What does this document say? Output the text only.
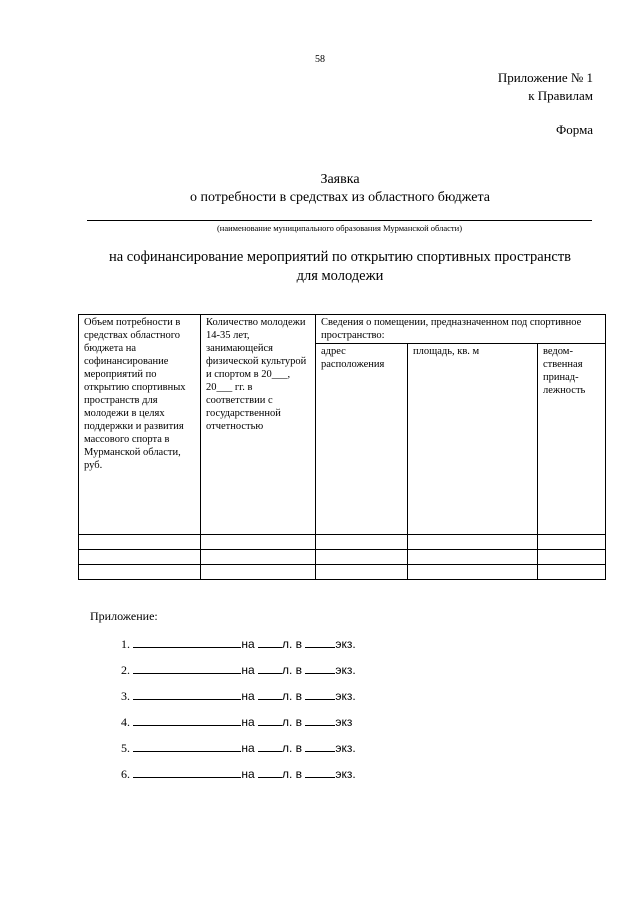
58
Приложение № 1
к Правилам
Форма
Заявка
о потребности в средствах из областного бюджета
(наименование муниципального образования Мурманской области)
на софинансирование мероприятий по открытию спортивных пространств
для молодежи
Объем потребности в средствах областного бюджета на софинансирование мероприятий по открытию спортивных пространств для молодежи в целях поддержки и развития массового спорта в Мурманской области, руб.	Количество молодежи 14-35 лет, занимающейся физической культурой и спортом в 20___, 20___ гг. в соответствии с государственной отчетностью	Сведения о помещении, предназначенном под спортивное пространство:		
		адрес расположения	площадь, кв. м	ведом-ственная принад-лежность

Приложение:
1.	на л. в	экз.
2.	на л. в	экз.
3.	на л. в	экз.
4.	на л. в	экз
5.	на л. в	экз.
6.	на л. в	экз.
